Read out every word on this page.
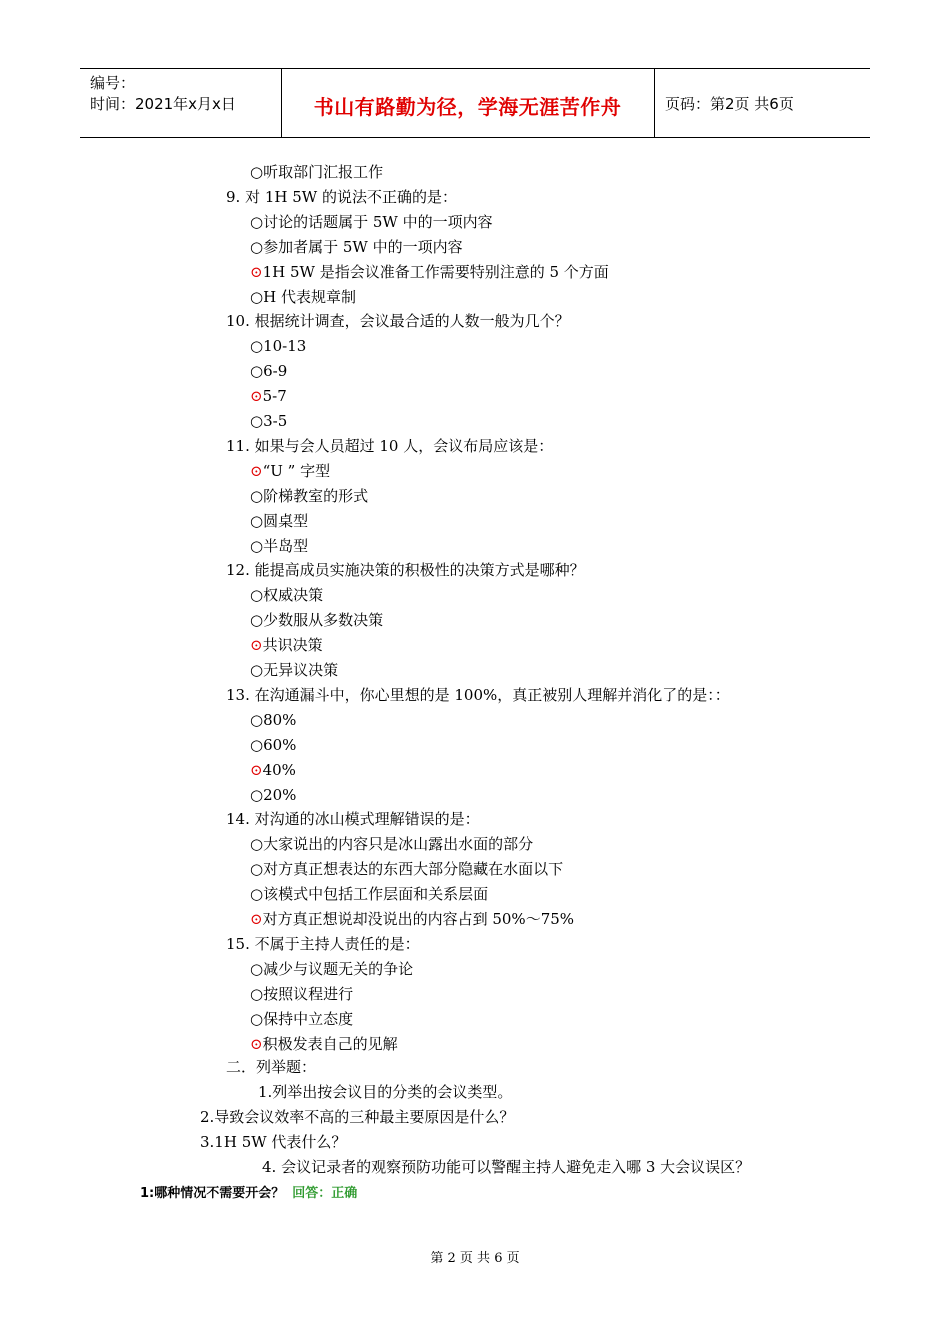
编号：
时间：2021年x月x日	书山有路勤为径，学海无涯苦作舟	页码：第2页 共6页
○听取部门汇报工作
9. 对 1H 5W 的说法不正确的是：
○讨论的话题属于 5W 中的一项内容
○参加者属于 5W 中的一项内容
⊙1H 5W 是指会议准备工作需要特别注意的 5 个方面
○H 代表规章制
10. 根据统计调查，会议最合适的人数一般为几个？
○10-13
○6-9
⊙5-7
○3-5
11. 如果与会人员超过 10 人，会议布局应该是：
⊙“U ” 字型
○阶梯教室的形式
○圆桌型
○半岛型
12. 能提高成员实施决策的积极性的决策方式是哪种？
○权威决策
○少数服从多数决策
⊙共识决策
○无异议决策
13. 在沟通漏斗中，你心里想的是 100%，真正被别人理解并消化了的是：：
○80%
○60%
⊙40%
○20%
14. 对沟通的冰山模式理解错误的是：
○大家说出的内容只是冰山露出水面的部分
○对方真正想表达的东西大部分隐藏在水面以下
○该模式中包括工作层面和关系层面
⊙对方真正想说却没说出的内容占到 50%～75%
15. 不属于主持人责任的是：
○减少与议题无关的争论
○按照议程进行
○保持中立态度
⊙积极发表自己的见解
二．列举题：
1.列举出按会议目的分类的会议类型。
2.导致会议效率不高的三种最主要原因是什么？
3.1H 5W 代表什么？
4. 会议记录者的观察预防功能可以警醒主持人避免走入哪 3 大会议误区？
1:哪种情况不需要开会？ 回答：正确
第 2 页 共 6 页
